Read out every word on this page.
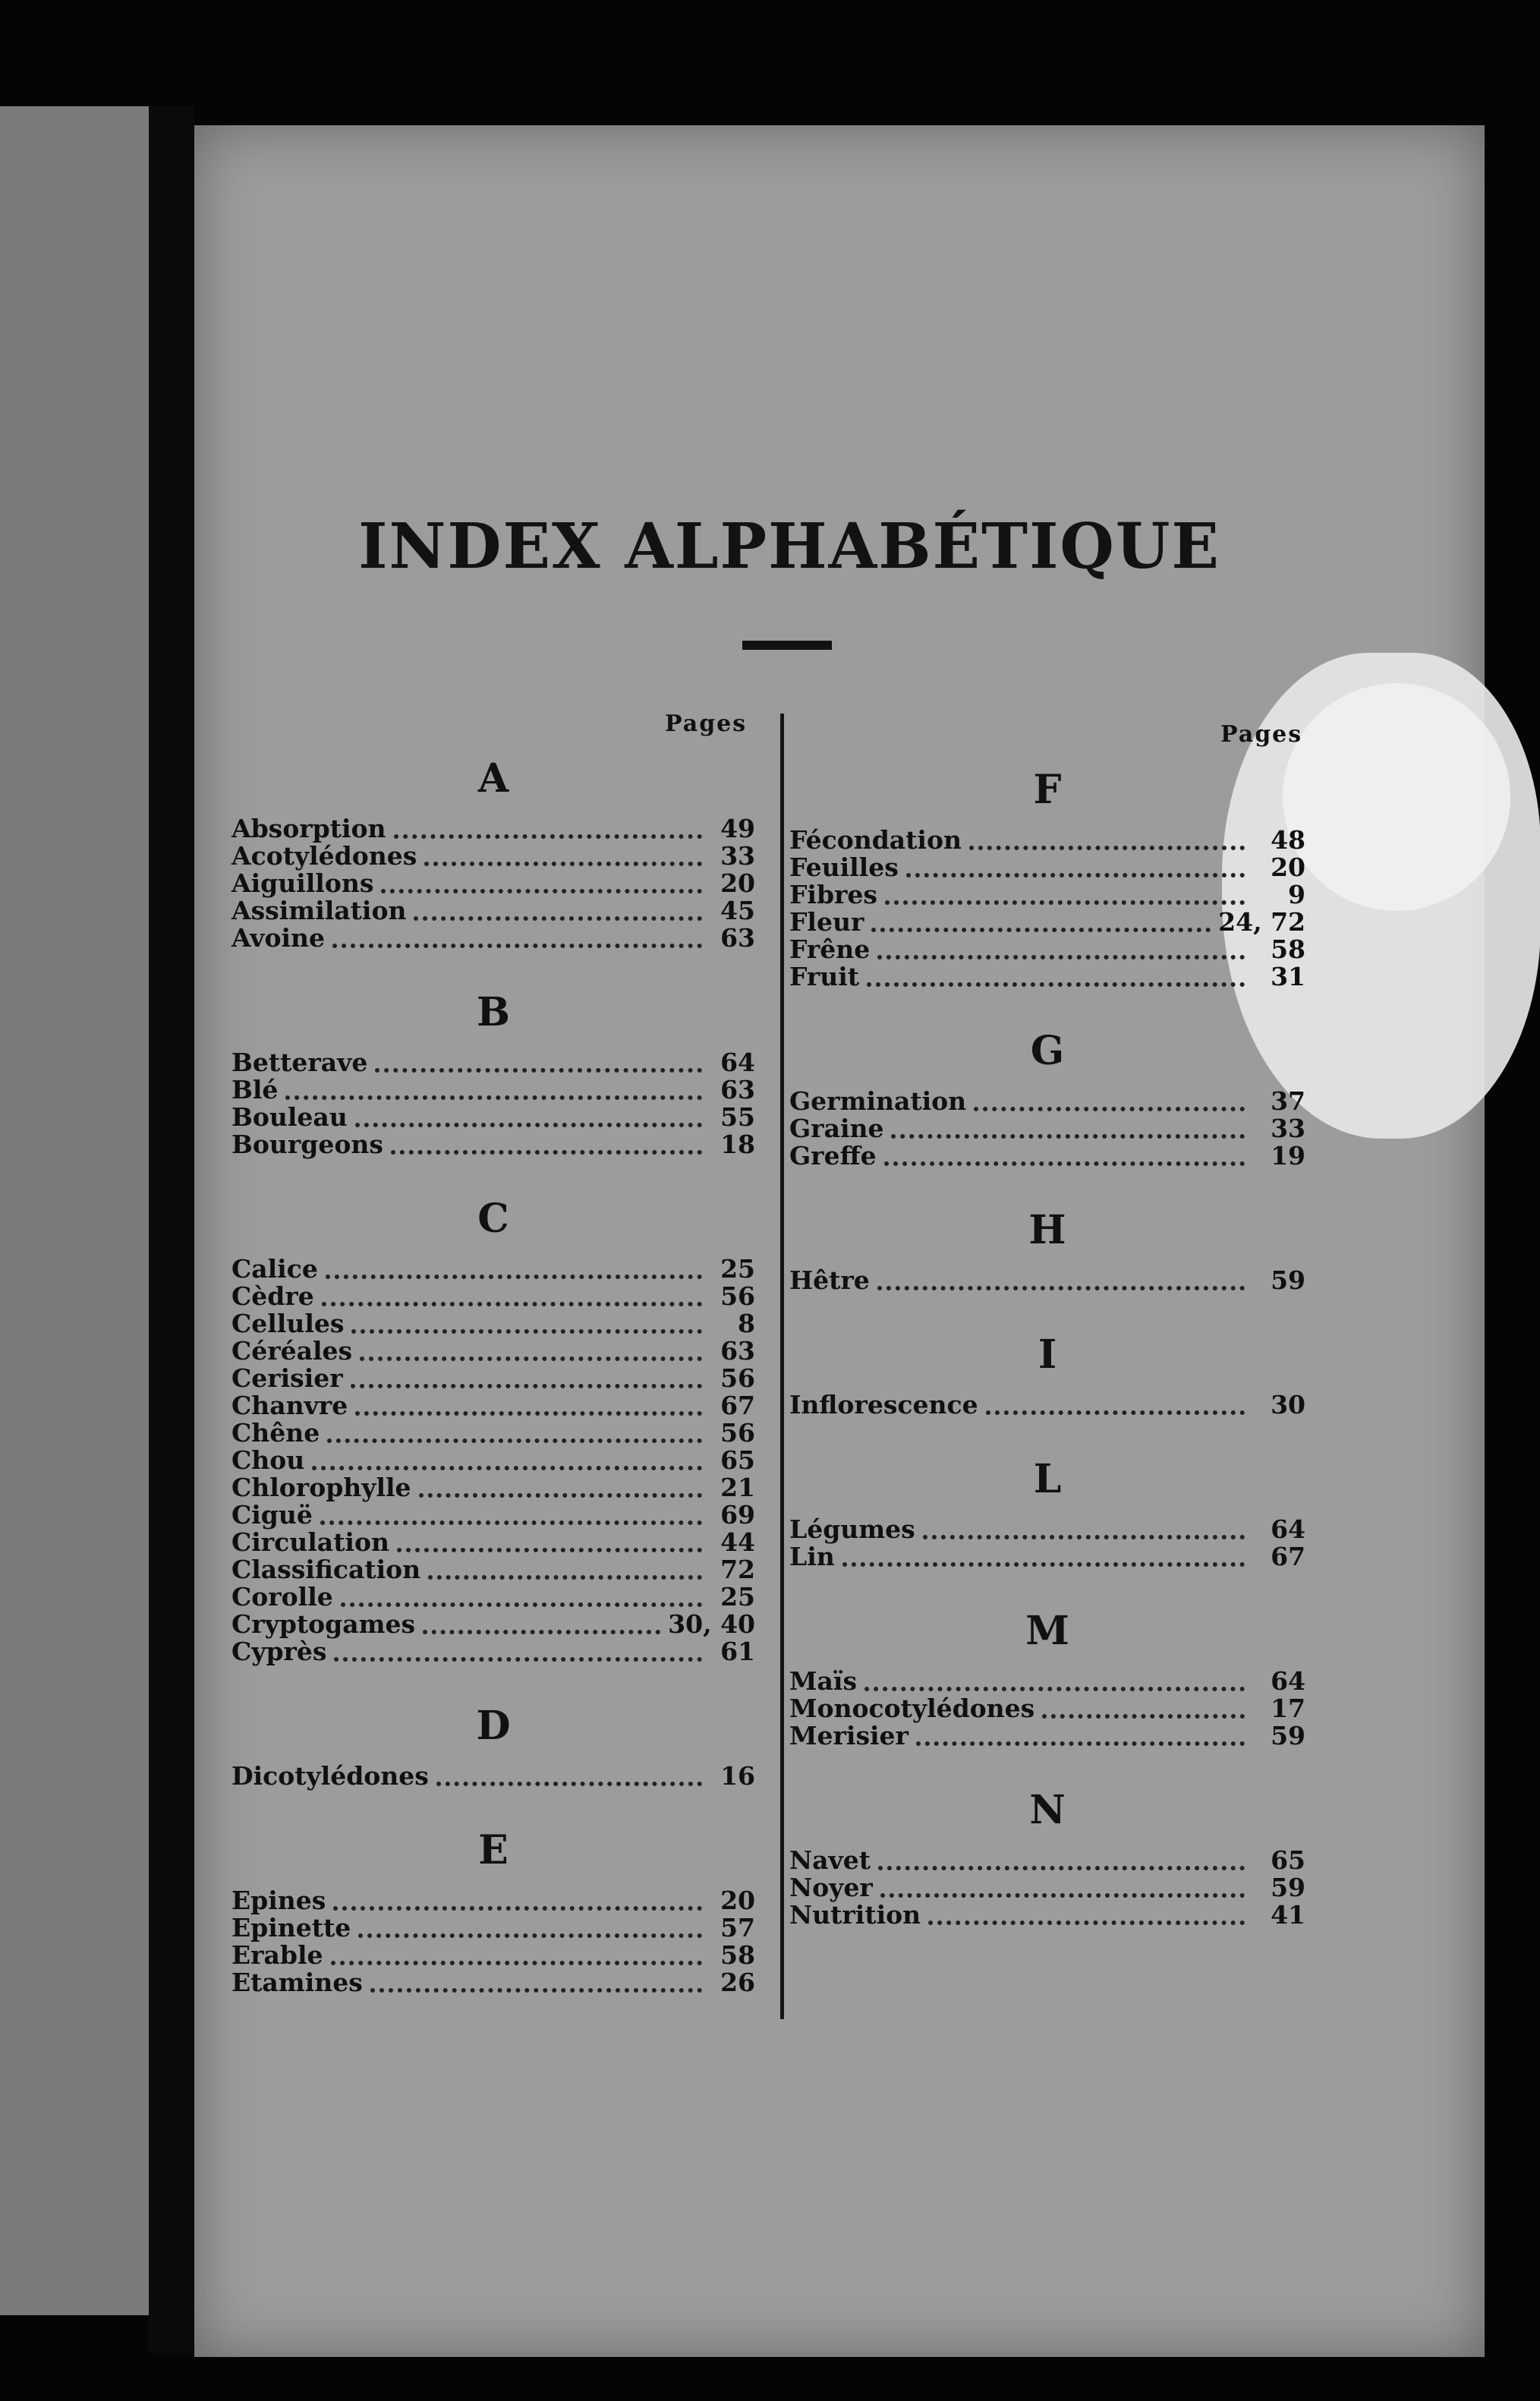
INDEX ALPHABÉTIQUE

Pages	Pages

A
Absorption	49
Acotylédones	33
Aiguillons	20
Assimilation	45
Avoine	63
B
Betterave	64
Blé	63
Bouleau	55
Bourgeons	18
C
Calice	25
Cèdre	56
Cellules	8
Céréales	63
Cerisier	56
Chanvre	67
Chêne	56
Chou	65
Chlorophylle	21
Ciguë	69
Circulation	44
Classification	72
Corolle	25
Cryptogames	30, 40
Cyprès	61
D
Dicotylédones	16
E
Epines	20
Epinette	57
Erable	58
Etamines	26
F
Fécondation	48
Feuilles	20
Fibres	9
Fleur	24, 72
Frêne	58
Fruit	31
G
Germination	37
Graine	33
Greffe	19
H
Hêtre	59
I
Inflorescence	30
L
Légumes	64
Lin	67
M
Maïs	64
Monocotylédones	17
Merisier	59
N
Navet	65
Noyer	59
Nutrition	41
